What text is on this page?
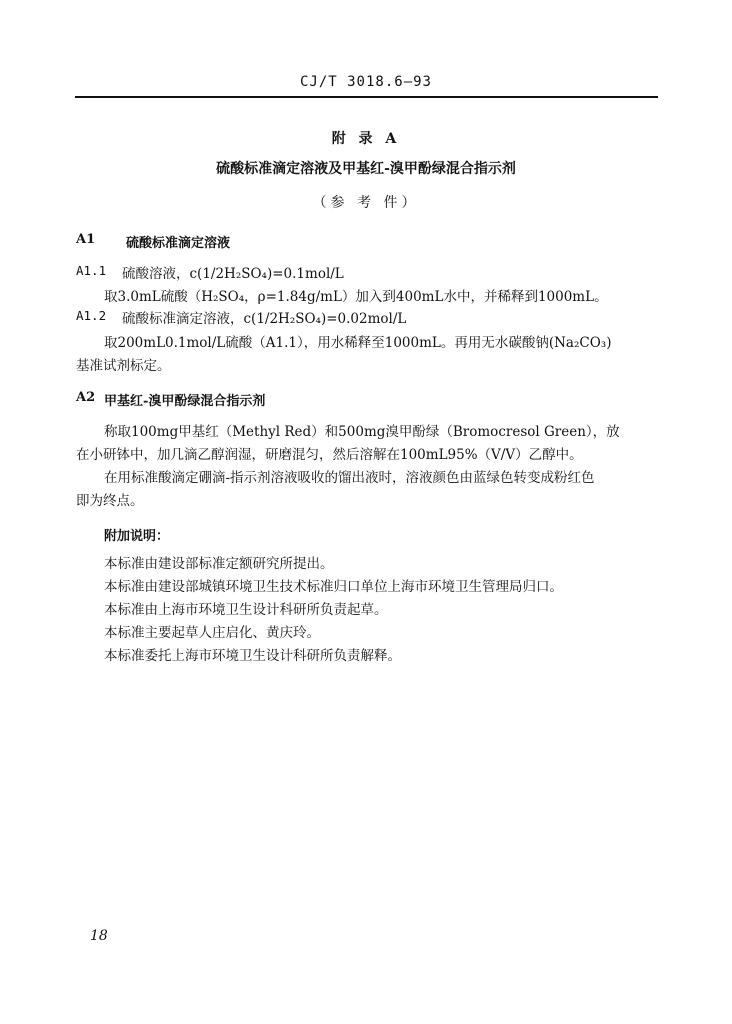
CJ/T 3018.6—93
附 录 A
硫酸标准滴定溶液及甲基红-溴甲酚绿混合指示剂
（参 考 件）
A1 硫酸标准滴定溶液
A1.1 硫酸溶液，c(1/2H₂SO₄)=0.1mol/L
取3.0mL硫酸（H₂SO₄，ρ=1.84g/mL）加入到400mL水中，并稀释到1000mL。
A1.2 硫酸标准滴定溶液，c(1/2H₂SO₄)=0.02mol/L
取200mL0.1mol/L硫酸（A1.1），用水稀释至1000mL。再用无水碳酸钠(Na₂CO₃)
基准试剂标定。
A2 甲基红-溴甲酚绿混合指示剂
称取100mg甲基红（Methyl Red）和500mg溴甲酚绿（Bromocresol Green），放
在小研钵中，加几滴乙醇润湿，研磨混匀，然后溶解在100mL95%（V/V）乙醇中。
在用标准酸滴定硼滴-指示剂溶液吸收的馏出液时，溶液颜色由蓝绿色转变成粉红色
即为终点。
附加说明：
本标准由建设部标准定额研究所提出。
本标准由建设部城镇环境卫生技术标准归口单位上海市环境卫生管理局归口。
本标准由上海市环境卫生设计科研所负责起草。
本标准主要起草人庄启化、黄庆玲。
本标准委托上海市环境卫生设计科研所负责解释。
18
